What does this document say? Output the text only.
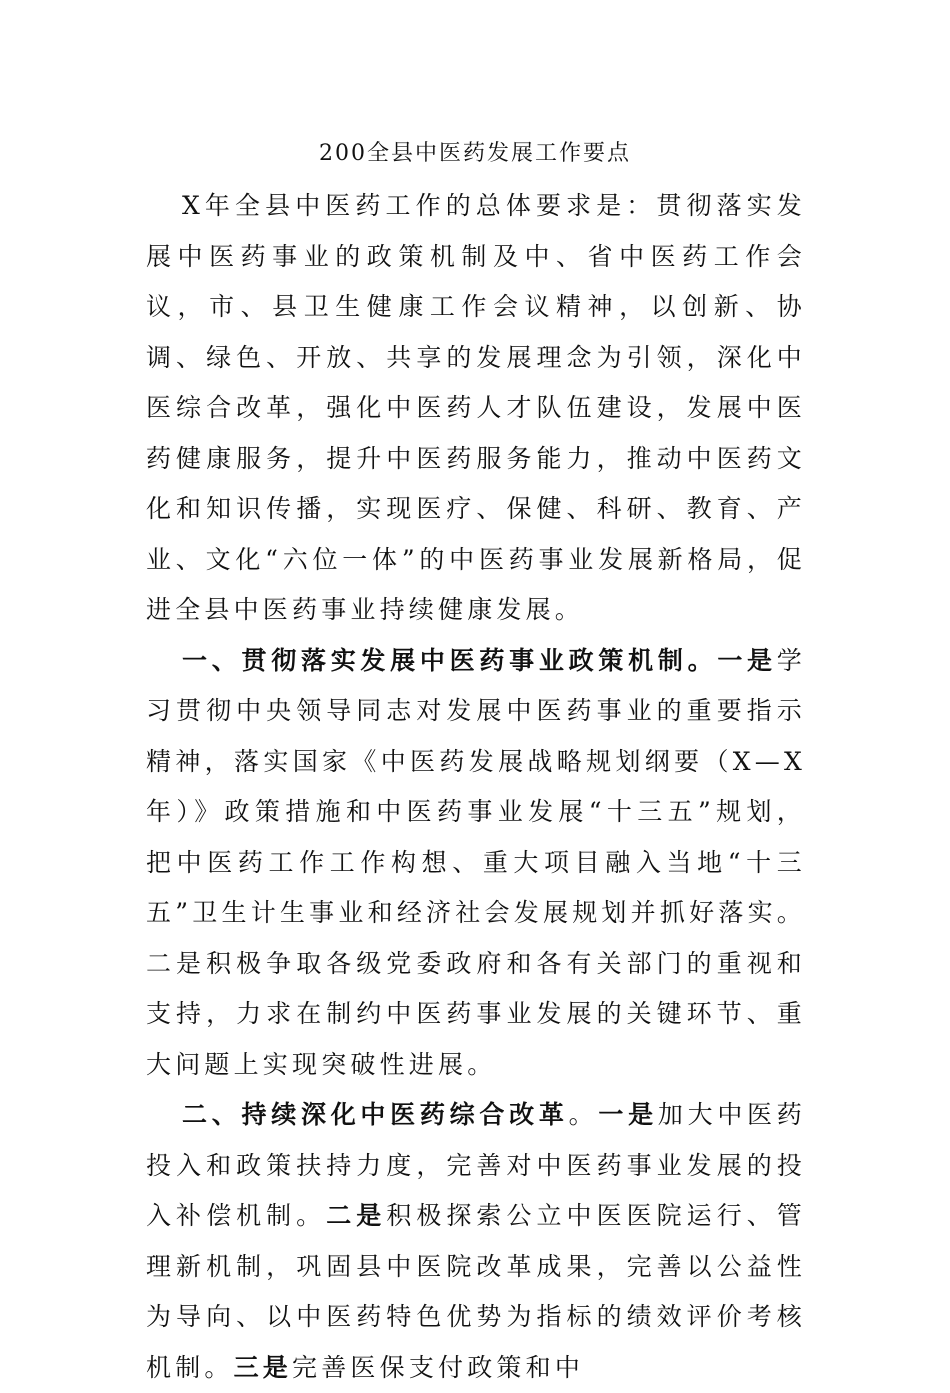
200全县中医药发展工作要点

X年全县中医药工作的总体要求是：贯彻落实发展中医药事业的政策机制及中、省中医药工作会议，市、县卫生健康工作会议精神，以创新、协调、绿色、开放、共享的发展理念为引领，深化中医综合改革，强化中医药人才队伍建设，发展中医药健康服务，提升中医药服务能力，推动中医药文化和知识传播，实现医疗、保健、科研、教育、产业、文化“六位一体”的中医药事业发展新格局，促进全县中医药事业持续健康发展。

一、贯彻落实发展中医药事业政策机制。一是学习贯彻中央领导同志对发展中医药事业的重要指示精神，落实国家《中医药发展战略规划纲要（X—X年）》政策措施和中医药事业发展“十三五”规划，把中医药工作工作构想、重大项目融入当地“十三五”卫生计生事业和经济社会发展规划并抓好落实。二是积极争取各级党委政府和各有关部门的重视和支持，力求在制约中医药事业发展的关键环节、重大问题上实现突破性进展。

二、持续深化中医药综合改革。一是加大中医药投入和政策扶持力度，完善对中医药事业发展的投入补偿机制。二是积极探索公立中医医院运行、管理新机制，巩固县中医院改革成果，完善以公益性为导向、以中医药特色优势为指标的绩效评价考核机制。三是完善医保支付政策和中
